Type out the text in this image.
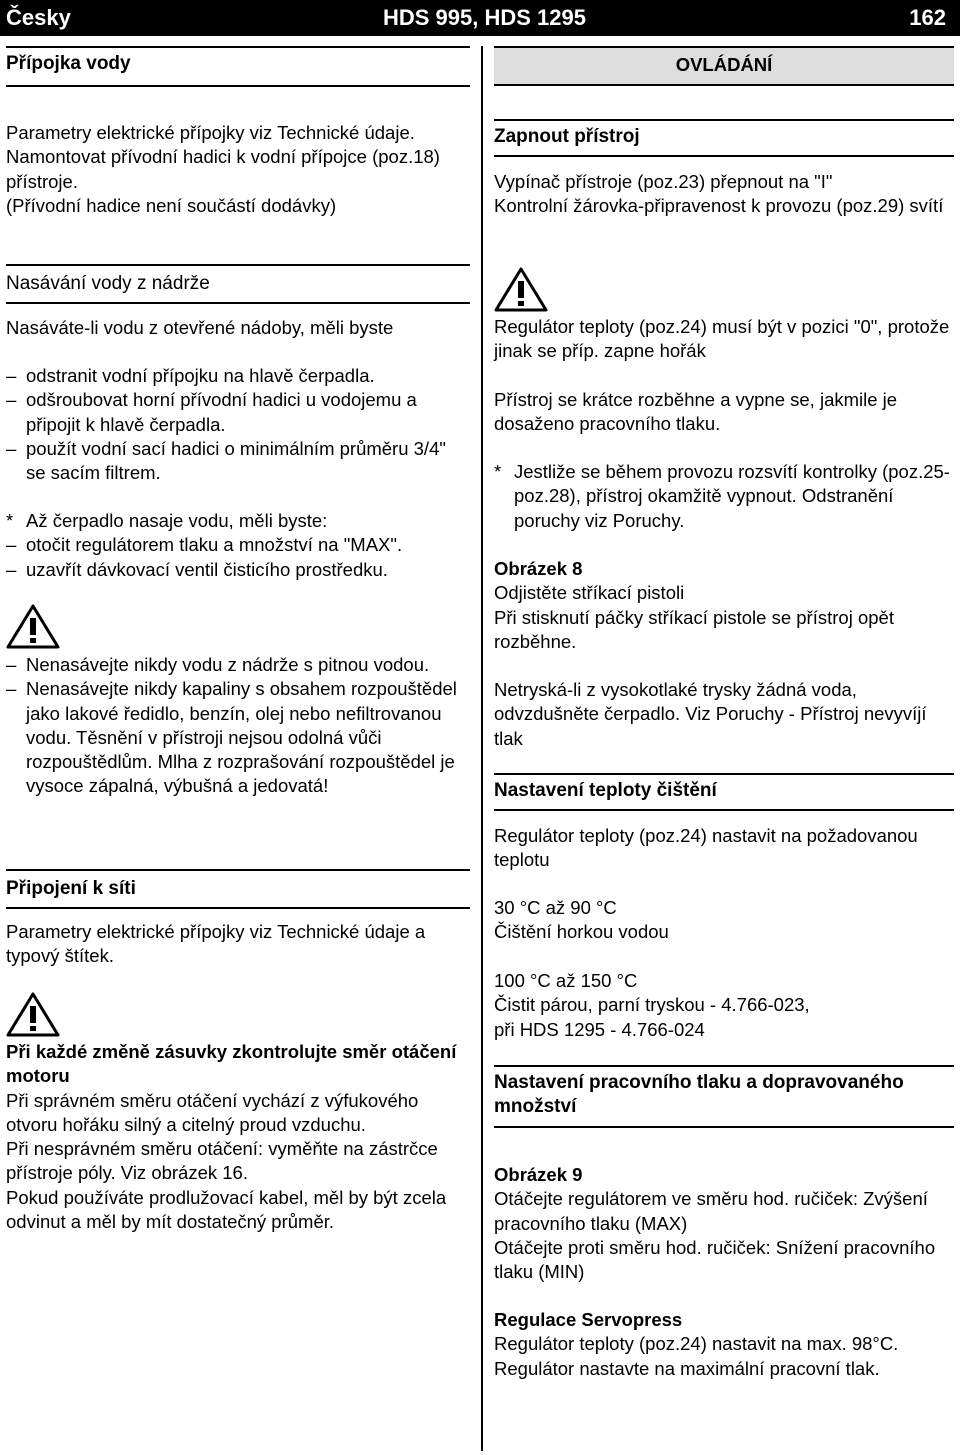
Česky	HDS 995, HDS 1295	162
Přípojka vody

Parametry elektrické přípojky viz Technické údaje.
Namontovat přívodní hadici k vodní přípojce (poz.18) přístroje.
(Přívodní hadice není součástí dodávky)

Nasávání vody z nádrže

Nasáváte-li vodu z otevřené nádoby, měli byste

– odstranit vodní přípojku na hlavě čerpadla.

– odšroubovat horní přívodní hadici u vodojemu a připojit k hlavě čerpadla.

– použít vodní sací hadici o minimálním průměru 3/4" se sacím filtrem.

* Až čerpadlo nasaje vodu, měli byste:

– otočit regulátorem tlaku a množství na "MAX".

– uzavřít dávkovací ventil čisticího prostředku.

– Nenasávejte nikdy vodu z nádrže s pitnou vodou.

– Nenasávejte nikdy kapaliny s obsahem rozpouštědel jako lakové ředidlo, benzín, olej nebo nefiltrovanou vodu. Těsnění v přístroji nejsou odolná vůči rozpouštědlům. Mlha z rozprašování rozpouštědel je vysoce zápalná, výbušná a jedovatá!

Připojení k síti

Parametry elektrické přípojky viz Technické údaje a typový štítek.

Při každé změně zásuvky zkontrolujte směr otáčení motoru

Při správném směru otáčení vychází z výfukového otvoru hořáku silný a citelný proud vzduchu.

Při nesprávném směru otáčení: vyměňte na zástrčce přístroje póly. Viz obrázek 16.

Pokud používáte prodlužovací kabel, měl by být zcela odvinut a měl by mít dostatečný průměr.

OVLÁDÁNÍ
Zapnout přístroj

Vypínač přístroje (poz.23) přepnout na "I"
Kontrolní žárovka-připravenost k provozu (poz.29) svítí

Regulátor teploty (poz.24) musí být v pozici "0", protože jinak se příp. zapne hořák

Přístroj se krátce rozběhne a vypne se, jakmile je dosaženo pracovního tlaku.

* Jestliže se během provozu rozsvítí kontrolky (poz.25-poz.28), přístroj okamžitě vypnout. Odstranění poruchy viz Poruchy.

Obrázek 8

Odjistěte stříkací pistoli

Při stisknutí páčky stříkací pistole se přístroj opět rozběhne.

Netryská-li z vysokotlaké trysky žádná voda, odvzdušněte čerpadlo. Viz Poruchy - Přístroj nevyvíjí tlak

Nastavení teploty čištění

Regulátor teploty (poz.24) nastavit na požadovanou teplotu

30 °C až 90 °C

Čištění horkou vodou

100 °C až 150 °C

Čistit párou, parní tryskou - 4.766-023,

při HDS 1295 - 4.766-024

Nastavení pracovního tlaku a dopravovaného množství

Obrázek 9

Otáčejte regulátorem ve směru hod. ručiček: Zvýšení pracovního tlaku (MAX)
Otáčejte proti směru hod. ručiček: Snížení pracovního tlaku (MIN)

Regulace Servopress

Regulátor teploty (poz.24) nastavit na max. 98°C.
Regulátor nastavte na maximální pracovní tlak.
